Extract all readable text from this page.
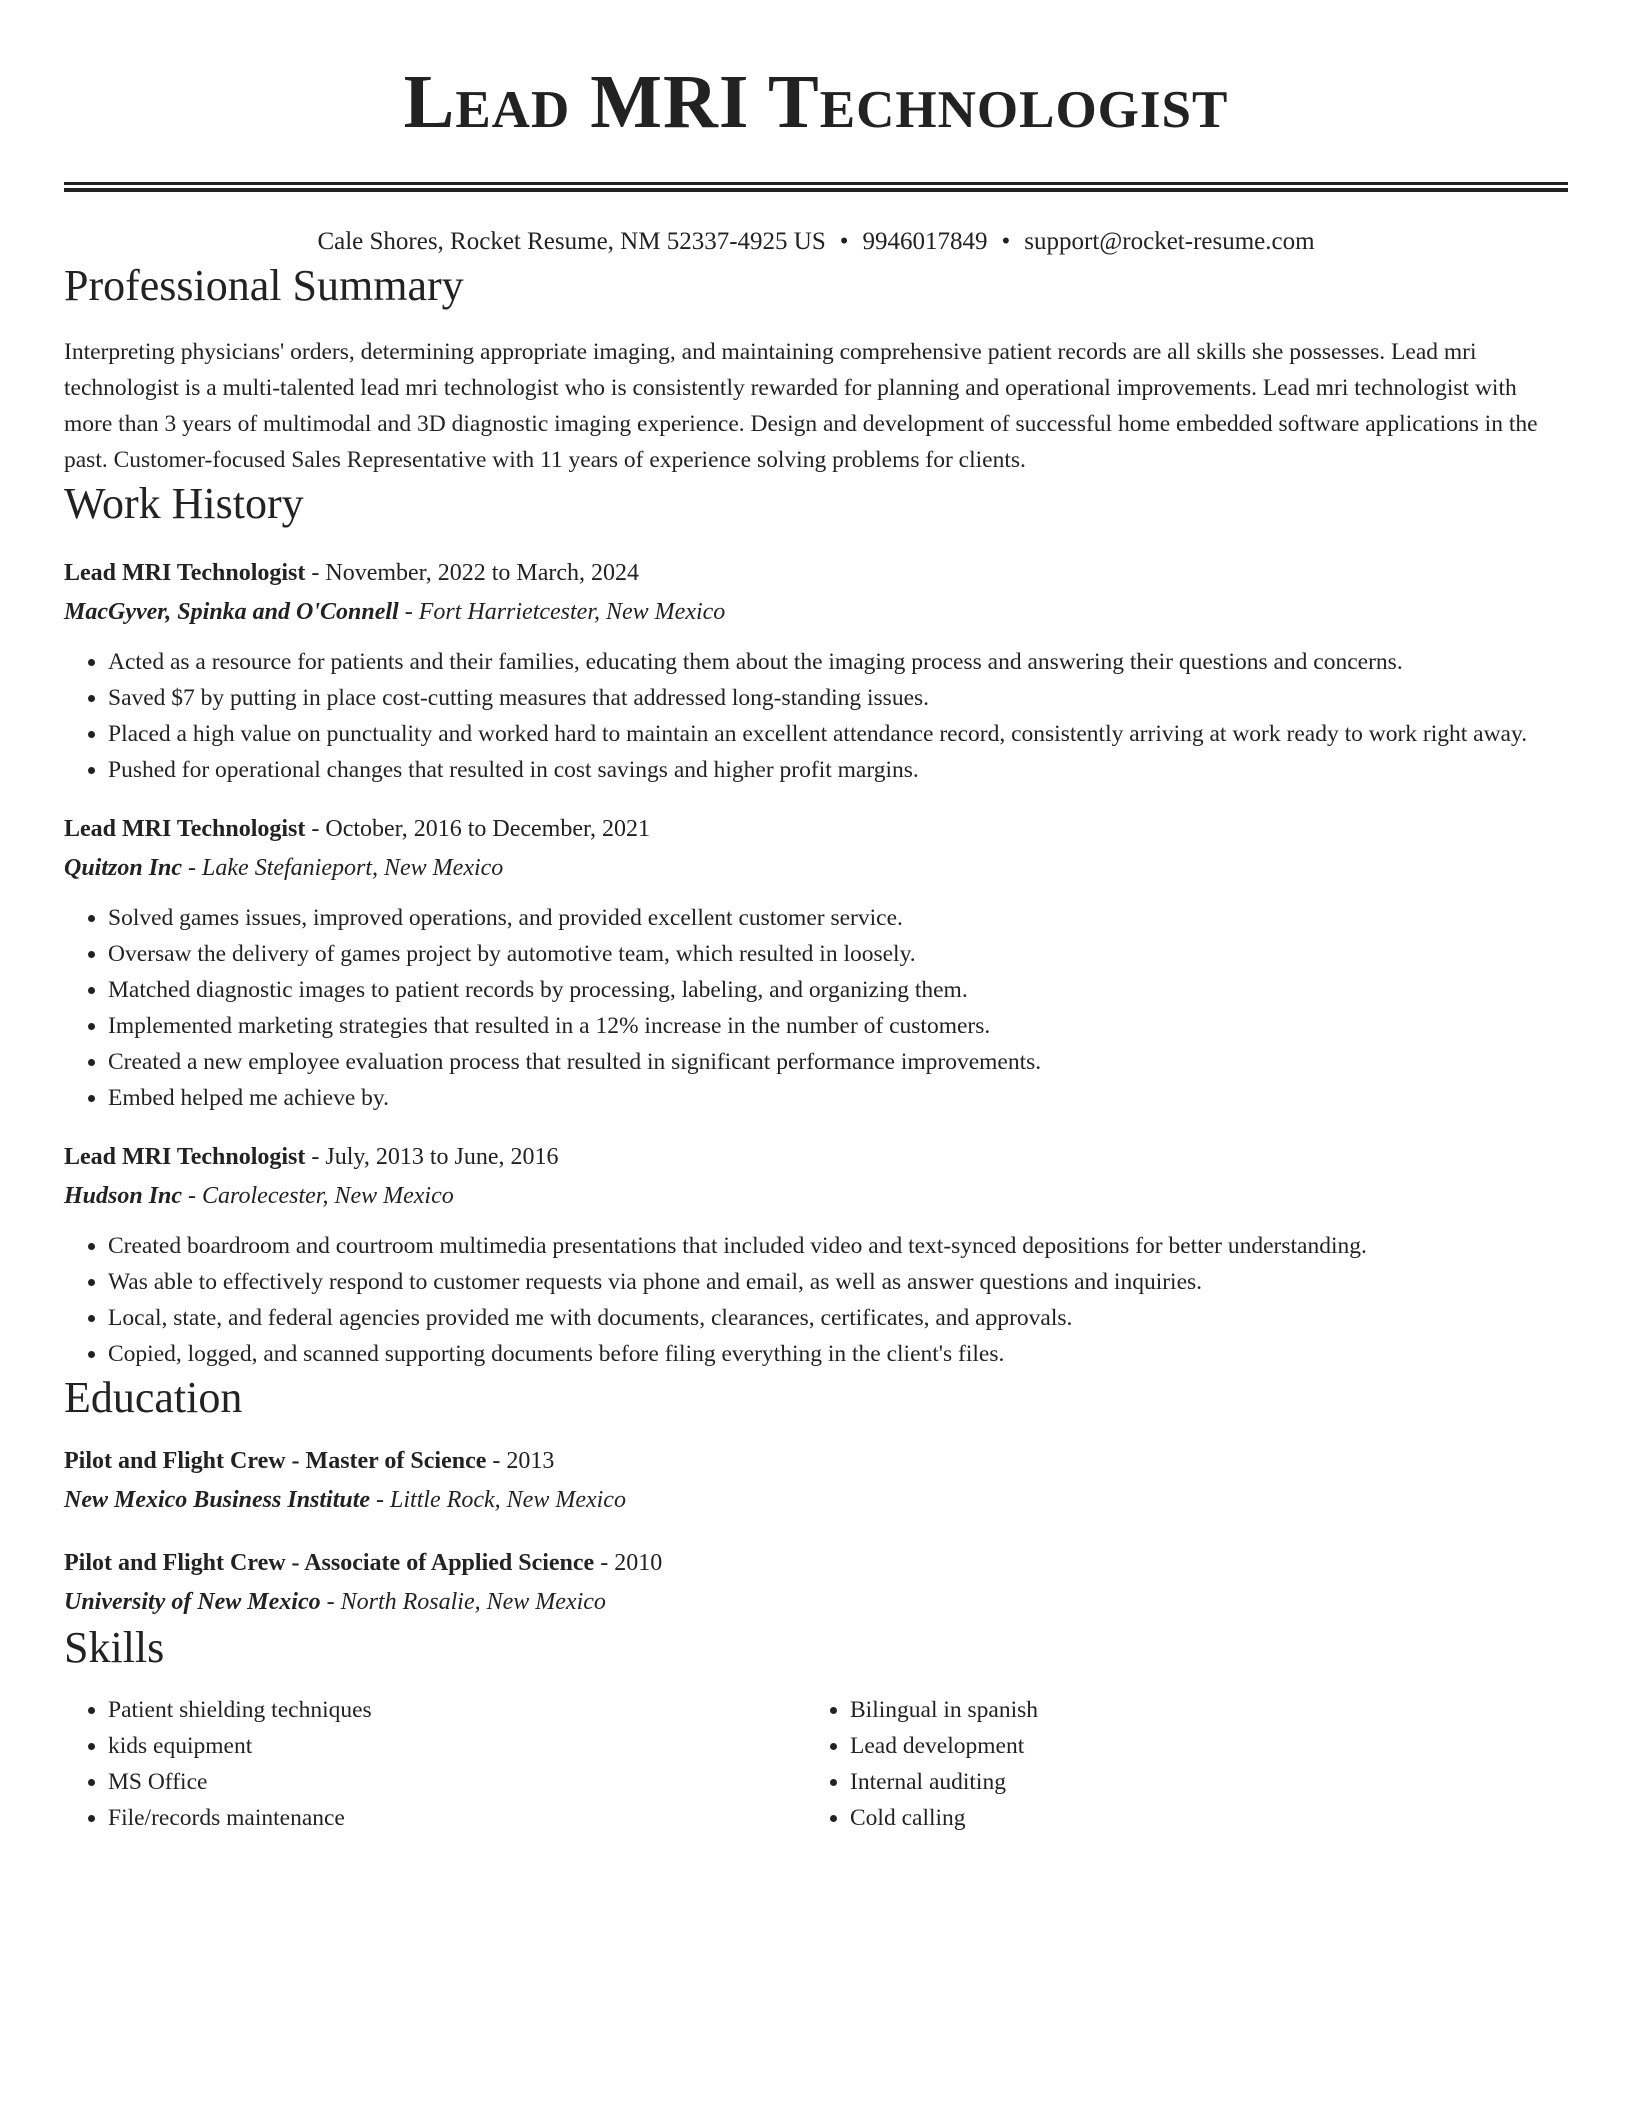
Lead MRI Technologist
Cale Shores, Rocket Resume, NM 52337-4925 US • 9946017849 • support@rocket-resume.com
Professional Summary

Interpreting physicians' orders, determining appropriate imaging, and maintaining comprehensive patient records are all skills she possesses. Lead mri technologist is a multi-talented lead mri technologist who is consistently rewarded for planning and operational improvements. Lead mri technologist with more than 3 years of multimodal and 3D diagnostic imaging experience. Design and development of successful home embedded software applications in the past. Customer-focused Sales Representative with 11 years of experience solving problems for clients.

Work History
Lead MRI Technologist - November, 2022 to March, 2024
MacGyver, Spinka and O'Connell - Fort Harrietcester, New Mexico
• Acted as a resource for patients and their families, educating them about the imaging process and answering their questions and concerns.
• Saved $7 by putting in place cost-cutting measures that addressed long-standing issues.
• Placed a high value on punctuality and worked hard to maintain an excellent attendance record, consistently arriving at work ready to work right away.
• Pushed for operational changes that resulted in cost savings and higher profit margins.
Lead MRI Technologist - October, 2016 to December, 2021
Quitzon Inc - Lake Stefanieport, New Mexico
• Solved games issues, improved operations, and provided excellent customer service.
• Oversaw the delivery of games project by automotive team, which resulted in loosely.
• Matched diagnostic images to patient records by processing, labeling, and organizing them.
• Implemented marketing strategies that resulted in a 12% increase in the number of customers.
• Created a new employee evaluation process that resulted in significant performance improvements.
• Embed helped me achieve by.
Lead MRI Technologist - July, 2013 to June, 2016
Hudson Inc - Carolecester, New Mexico
• Created boardroom and courtroom multimedia presentations that included video and text-synced depositions for better understanding.
• Was able to effectively respond to customer requests via phone and email, as well as answer questions and inquiries.
• Local, state, and federal agencies provided me with documents, clearances, certificates, and approvals.
• Copied, logged, and scanned supporting documents before filing everything in the client's files.
Education
Pilot and Flight Crew - Master of Science - 2013
New Mexico Business Institute - Little Rock, New Mexico
Pilot and Flight Crew - Associate of Applied Science - 2010
University of New Mexico - North Rosalie, New Mexico
Skills
• Patient shielding techniques
• kids equipment
• MS Office
• File/records maintenance
• Bilingual in spanish
• Lead development
• Internal auditing
• Cold calling
